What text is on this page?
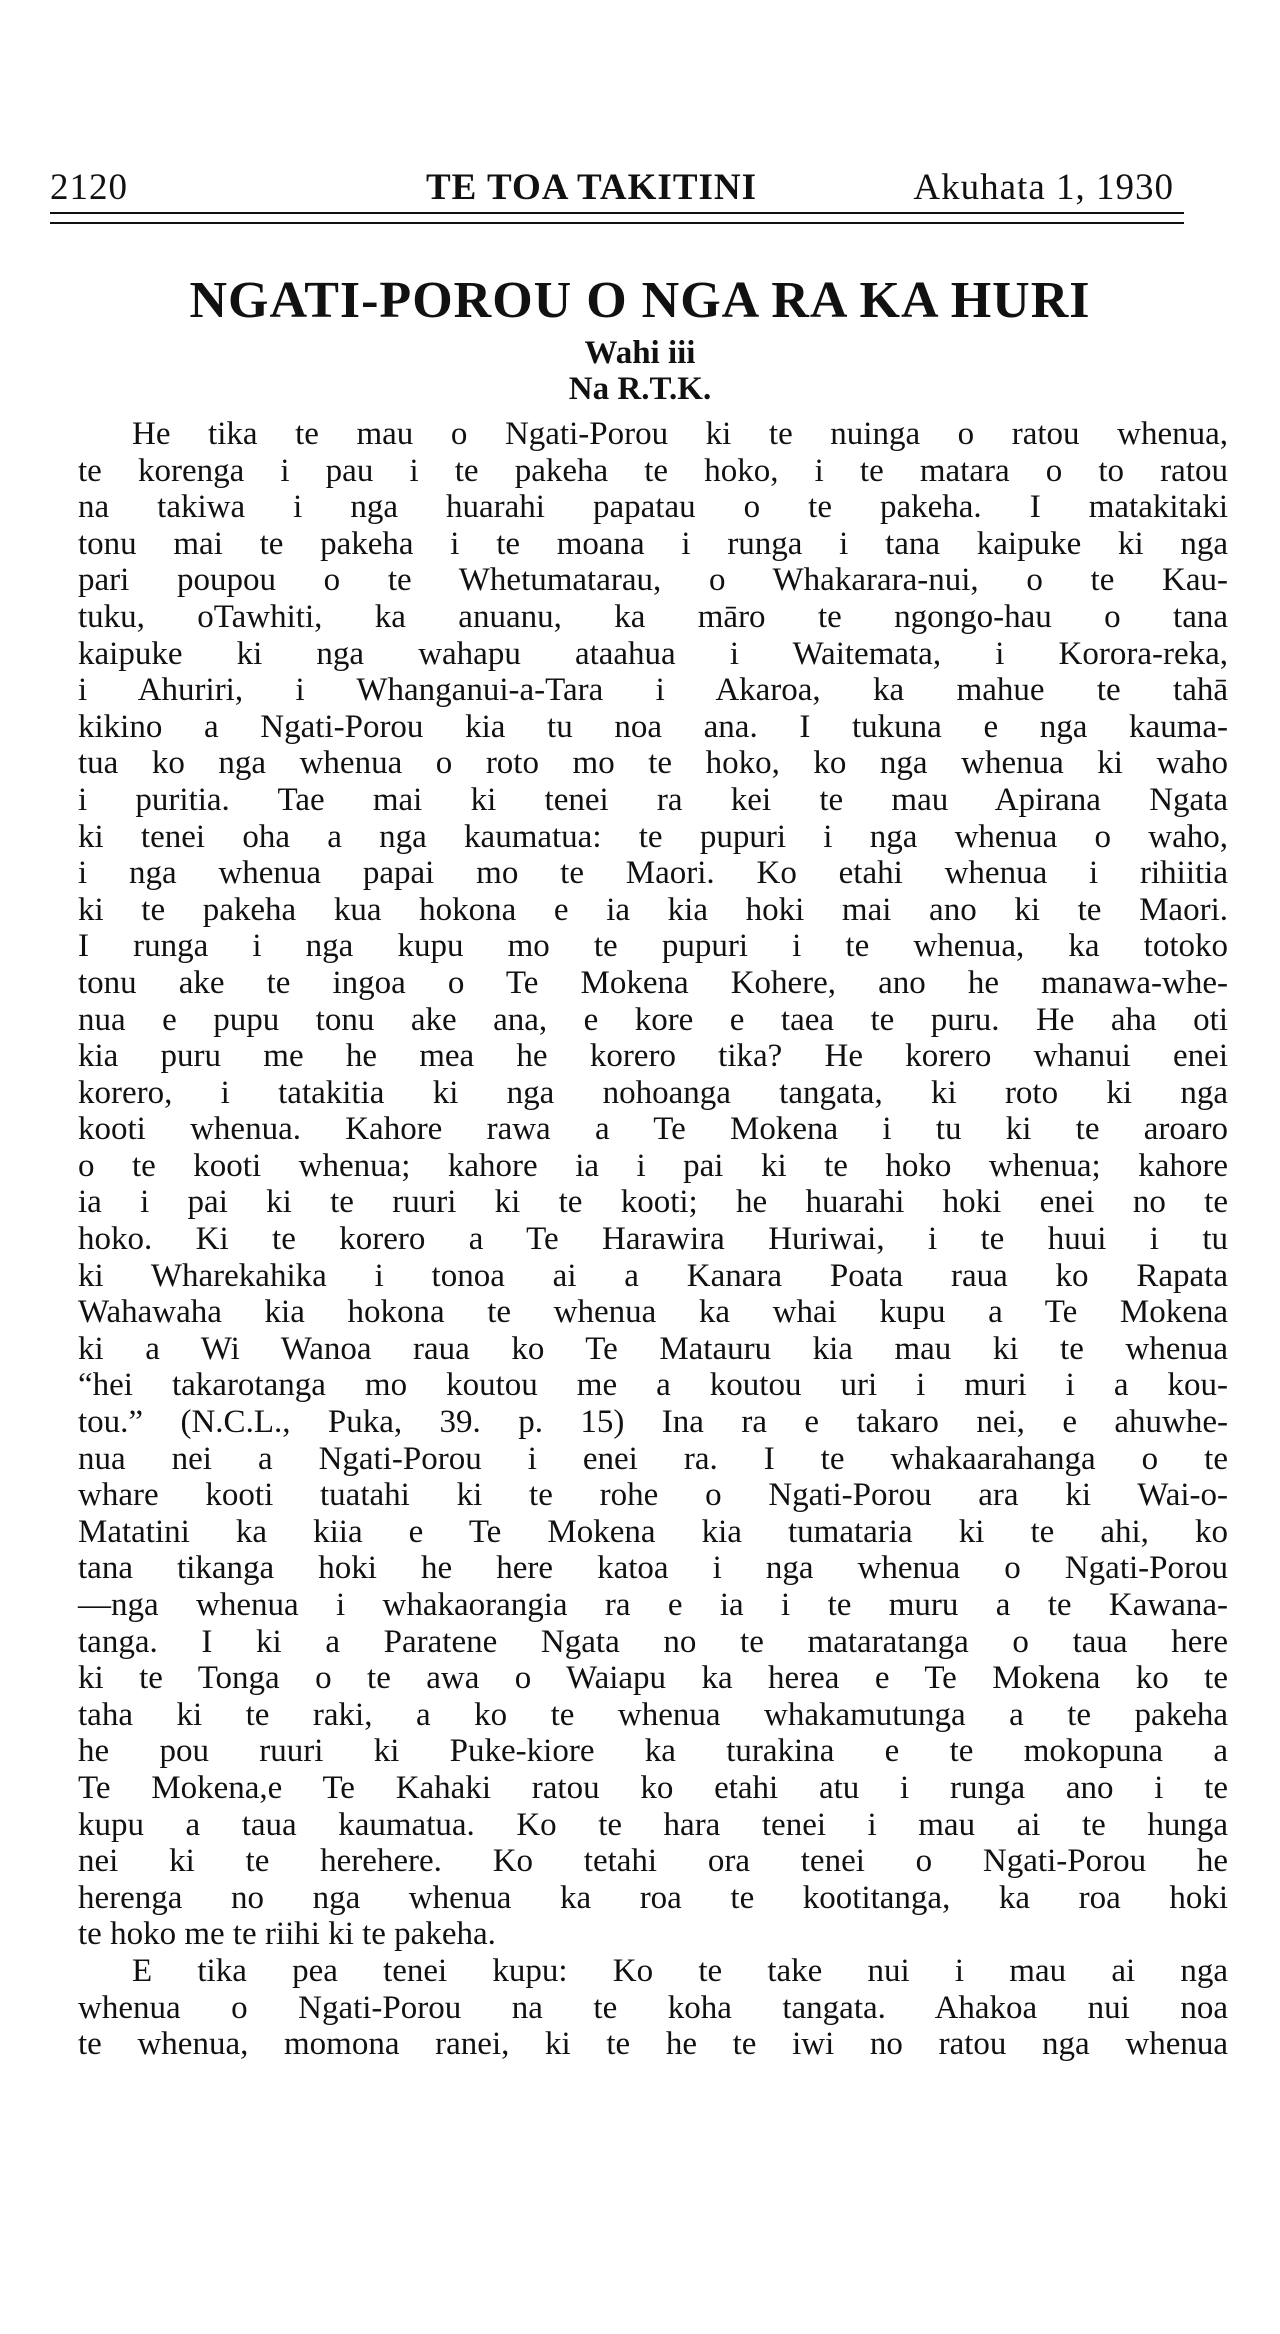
2120	TE TOA TAKITINI	Akuhata 1, 1930
NGATI-POROU O NGA RA KA HURI
Wahi iii
Na R.T.K.
He tika te mau o Ngati-Porou ki te nuinga o ratou whenua,
te korenga i pau i te pakeha te hoko, i te matara o to ratou
na takiwa i nga huarahi papatau o te pakeha. I matakitaki
tonu mai te pakeha i te moana i runga i tana kaipuke ki nga
pari poupou o te Whetumatarau, o Whakarara-nui, o te Kau-
tuku, oTawhiti, ka anuanu, ka māro te ngongo-hau o tana
kaipuke ki nga wahapu ataahua i Waitemata, i Korora-reka,
i Ahuriri, i Whanganui-a-Tara i Akaroa, ka mahue te tahā
kikino a Ngati-Porou kia tu noa ana. I tukuna e nga kauma-
tua ko nga whenua o roto mo te hoko, ko nga whenua ki waho
i puritia. Tae mai ki tenei ra kei te mau Apirana Ngata
ki tenei oha a nga kaumatua: te pupuri i nga whenua o waho,
i nga whenua papai mo te Maori. Ko etahi whenua i rihiitia
ki te pakeha kua hokona e ia kia hoki mai ano ki te Maori.
I runga i nga kupu mo te pupuri i te whenua, ka totoko
tonu ake te ingoa o Te Mokena Kohere, ano he manawa-whe-
nua e pupu tonu ake ana, e kore e taea te puru. He aha oti
kia puru me he mea he korero tika? He korero whanui enei
korero, i tatakitia ki nga nohoanga tangata, ki roto ki nga
kooti whenua. Kahore rawa a Te Mokena i tu ki te aroaro
o te kooti whenua; kahore ia i pai ki te hoko whenua; kahore
ia i pai ki te ruuri ki te kooti; he huarahi hoki enei no te
hoko. Ki te korero a Te Harawira Huriwai, i te huui i tu
ki Wharekahika i tonoa ai a Kanara Poata raua ko Rapata
Wahawaha kia hokona te whenua ka whai kupu a Te Mokena
ki a Wi Wanoa raua ko Te Matauru kia mau ki te whenua
“hei takarotanga mo koutou me a koutou uri i muri i a kou-
tou.” (N.C.L., Puka, 39. p. 15) Ina ra e takaro nei, e ahuwhe-
nua nei a Ngati-Porou i enei ra. I te whakaarahanga o te
whare kooti tuatahi ki te rohe o Ngati-Porou ara ki Wai-o-
Matatini ka kiia e Te Mokena kia tumataria ki te ahi, ko
tana tikanga hoki he here katoa i nga whenua o Ngati-Porou
—nga whenua i whakaorangia ra e ia i te muru a te Kawana-
tanga. I ki a Paratene Ngata no te mataratanga o taua here
ki te Tonga o te awa o Waiapu ka herea e Te Mokena ko te
taha ki te raki, a ko te whenua whakamutunga a te pakeha
he pou ruuri ki Puke-kiore ka turakina e te mokopuna a
Te Mokena,e Te Kahaki ratou ko etahi atu i runga ano i te
kupu a taua kaumatua. Ko te hara tenei i mau ai te hunga
nei ki te herehere. Ko tetahi ora tenei o Ngati-Porou he
herenga no nga whenua ka roa te kootitanga, ka roa hoki
te hoko me te riihi ki te pakeha.
E tika pea tenei kupu: Ko te take nui i mau ai nga
whenua o Ngati-Porou na te koha tangata. Ahakoa nui noa
te whenua, momona ranei, ki te he te iwi no ratou nga whenua
